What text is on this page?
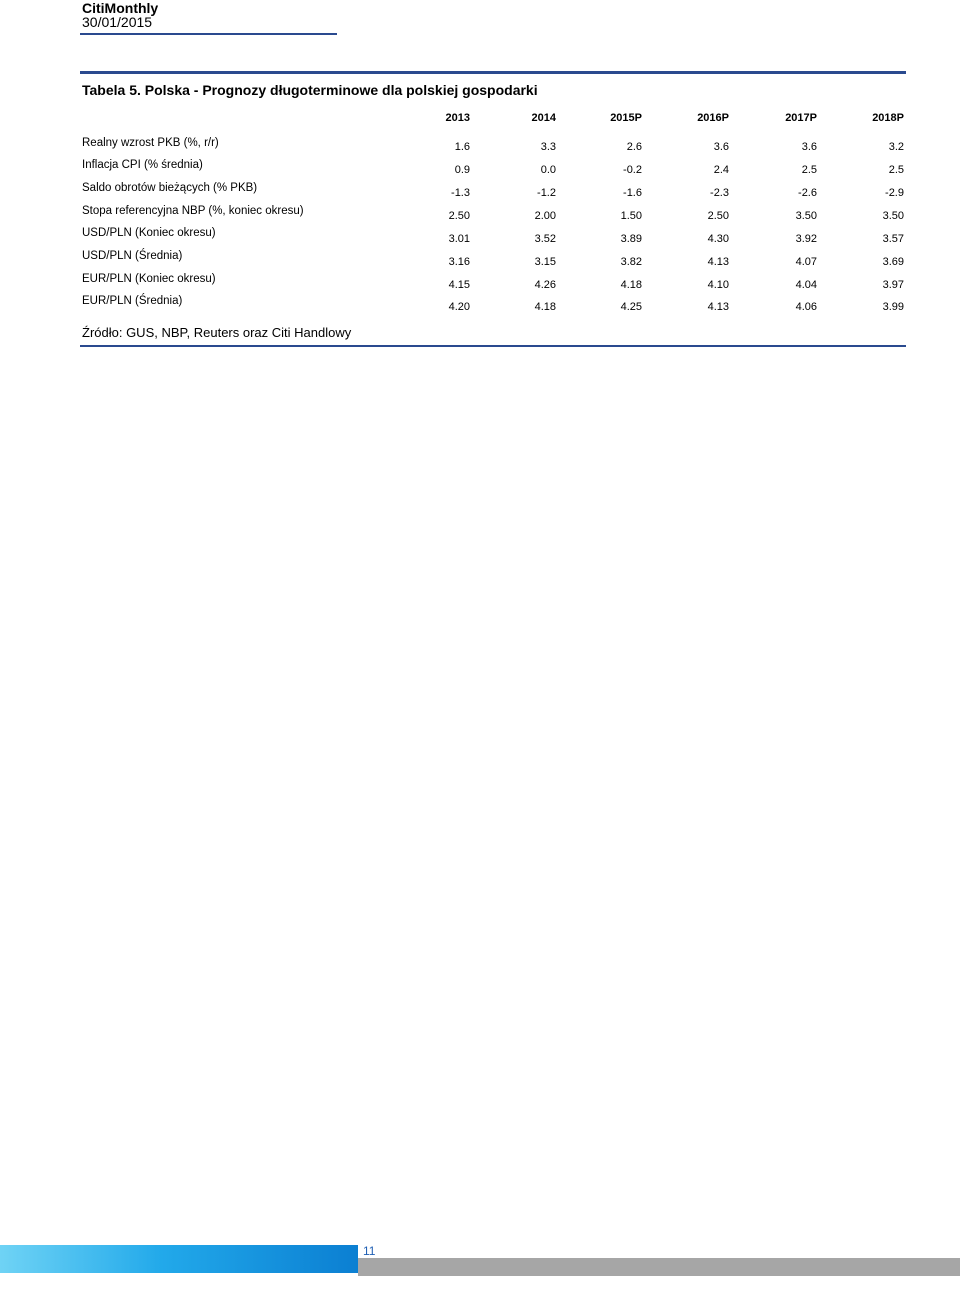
CitiMonthly
30/01/2015
Tabela 5. Polska - Prognozy długoterminowe dla polskiej gospodarki
2013	2014	2015P	2016P	2017P	2018P
Realny wzrost PKB (%, r/r)	1.6	3.3	2.6	3.6	3.6	3.2
Inflacja CPI (% średnia)	0.9	0.0	-0.2	2.4	2.5	2.5
Saldo obrotów bieżących (% PKB)	-1.3	-1.2	-1.6	-2.3	-2.6	-2.9
Stopa referencyjna NBP (%, koniec okresu)	2.50	2.00	1.50	2.50	3.50	3.50
USD/PLN (Koniec okresu)	3.01	3.52	3.89	4.30	3.92	3.57
USD/PLN (Średnia)	3.16	3.15	3.82	4.13	4.07	3.69
EUR/PLN (Koniec okresu)	4.15	4.26	4.18	4.10	4.04	3.97
EUR/PLN (Średnia)	4.20	4.18	4.25	4.13	4.06	3.99
Źródło: GUS, NBP, Reuters oraz Citi Handlowy
11
